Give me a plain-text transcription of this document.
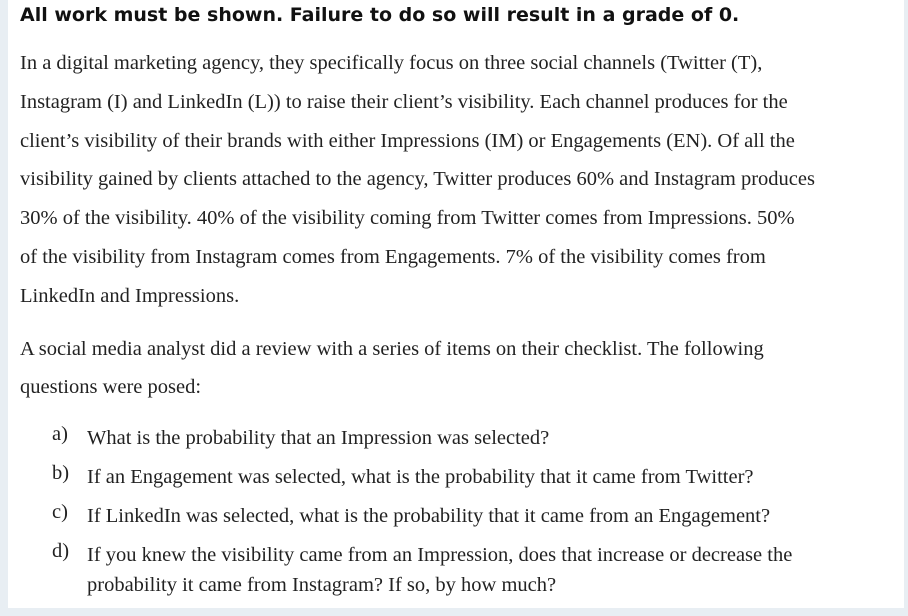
All work must be shown. Failure to do so will result in a grade of 0.
In a digital marketing agency, they specifically focus on three social channels (Twitter (T),
Instagram (I) and LinkedIn (L)) to raise their client’s visibility. Each channel produces for the
client’s visibility of their brands with either Impressions (IM) or Engagements (EN). Of all the
visibility gained by clients attached to the agency, Twitter produces 60% and Instagram produces
30% of the visibility. 40% of the visibility coming from Twitter comes from Impressions. 50%
of the visibility from Instagram comes from Engagements. 7% of the visibility comes from
LinkedIn and Impressions.
A social media analyst did a review with a series of items on their checklist. The following
questions were posed:
a) What is the probability that an Impression was selected?
b) If an Engagement was selected, what is the probability that it came from Twitter?
c) If LinkedIn was selected, what is the probability that it came from an Engagement?
d) If you knew the visibility came from an Impression, does that increase or decrease the
probability it came from Instagram? If so, by how much?
